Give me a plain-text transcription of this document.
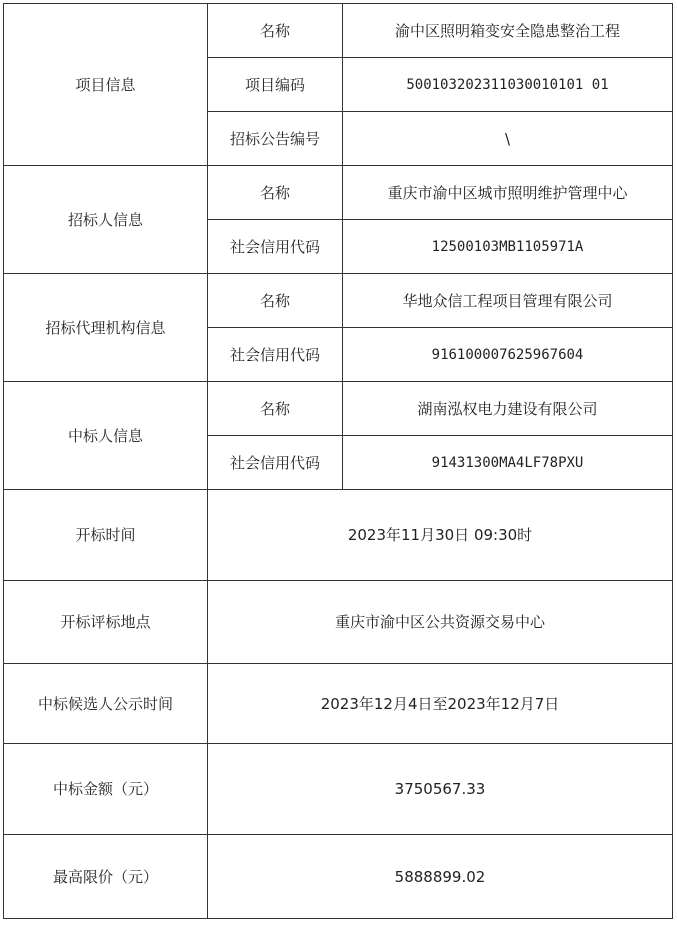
项目信息	名称	渝中区照明箱变安全隐患整治工程
	项目编码	500103202311030010101 01
	招标公告编号	\
招标人信息	名称	重庆市渝中区城市照明维护管理中心
	社会信用代码	12500103MB1105971A
招标代理机构信息	名称	华地众信工程项目管理有限公司
	社会信用代码	916100007625967604
中标人信息	名称	湖南泓权电力建设有限公司
	社会信用代码	91431300MA4LF78PXU
开标时间	2023年11月30日 09:30时	
开标评标地点	重庆市渝中区公共资源交易中心	
中标候选人公示时间	2023年12月4日至2023年12月7日	
中标金额（元）	3750567.33	
最高限价（元）	5888899.02	
